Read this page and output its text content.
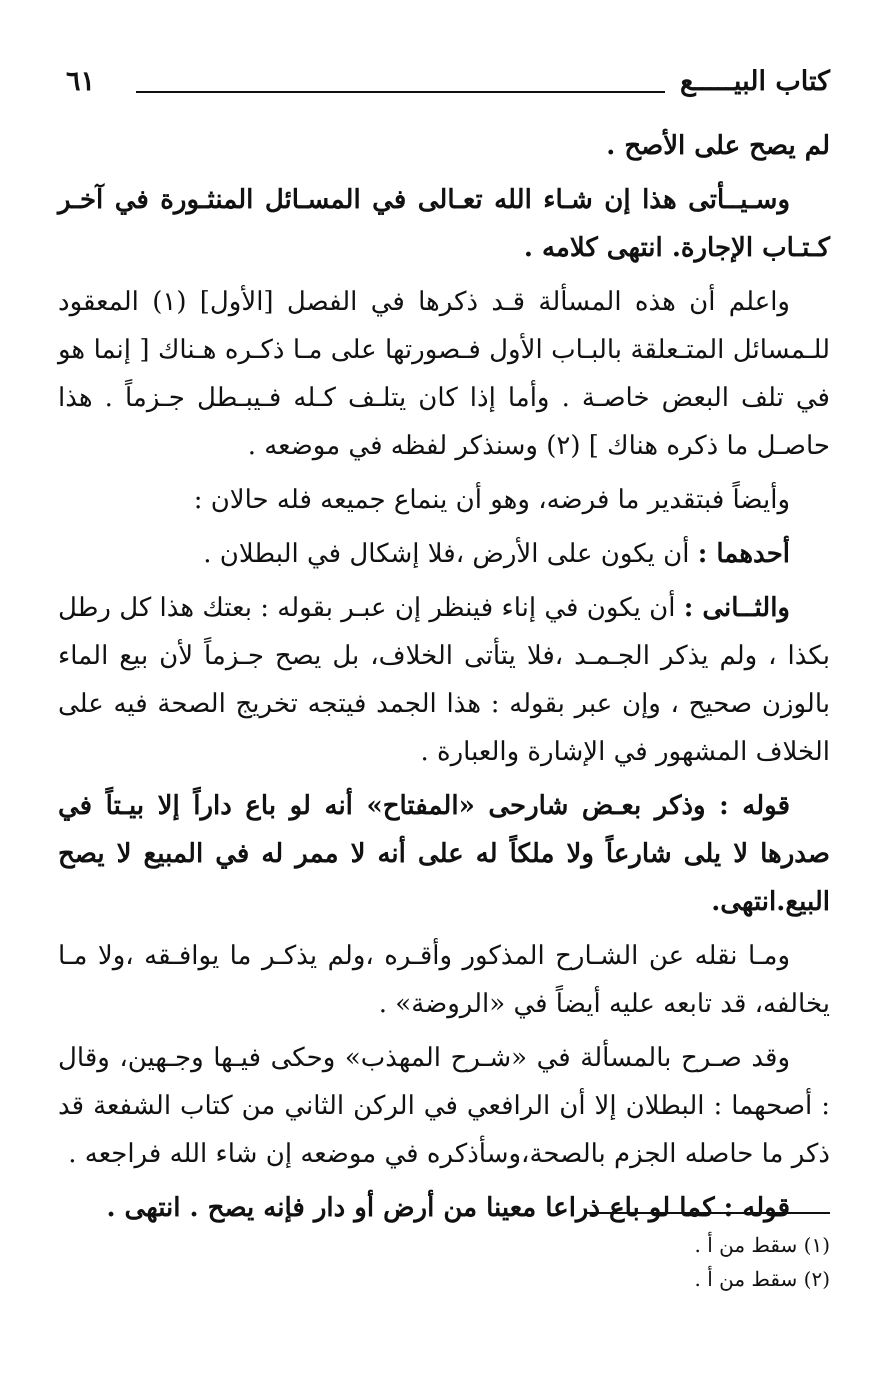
كتاب البيـــــع
٦١

لم يصح على الأصح .

وسـيــأتى هذا إن شـاء الله تعـالى في المسـائل المنثـورة في آخـر كـتـاب الإجارة. انتهى كلامه .

واعلم أن هذه المسألة قـد ذكرها في الفصل [الأول] (١) المعقود للـمسائل المتـعلقة بالبـاب الأول فـصورتها على مـا ذكـره هـناك [ إنما هو في تلف البعض خاصـة . وأما إذا كان يتلـف كـله فـيبـطل جـزماً . هذا حاصـل ما ذكره هناك ] (٢) وسنذكر لفظه في موضعه .

وأيضاً فبتقدير ما فرضه، وهو أن ينماع جميعه فله حالان :

أحدهما : أن يكون على الأرض ،فلا إشكال في البطلان .

والثــانى : أن يكون في إناء فينظر إن عبـر بقوله : بعتك هذا كل رطل بكذا ، ولم يذكر الجـمـد ،فلا يتأتى الخلاف، بل يصح جـزماً لأن بيع الماء بالوزن صحيح ، وإن عبر بقوله : هذا الجمد فيتجه تخريج الصحة فيه على الخلاف المشهور في الإشارة والعبارة .

قوله : وذكر بعـض شارحى «المفتاح» أنه لو باع داراً إلا بيـتاً في صدرها لا يلى شارعاً ولا ملكاً له على أنه لا ممر له في المبيع لا يصح البيع.انتهى.

ومـا نقله عن الشـارح المذكور وأقـره ،ولم يذكـر ما يوافـقه ،ولا مـا يخالفه، قد تابعه عليه أيضاً في «الروضة» .

وقد صـرح بالمسألة في «شـرح المهذب» وحكى فيـها وجـهين، وقال : أصحهما : البطلان إلا أن الرافعي في الركن الثاني من كتاب الشفعة قد ذكر ما حاصله الجزم بالصحة،وسأذكره في موضعه إن شاء الله فراجعه .

قوله : كما لو باع ذراعا معينا من أرض أو دار فإنه يصح . انتهى .

(١) سقط من أ .

(٢) سقط من أ .
